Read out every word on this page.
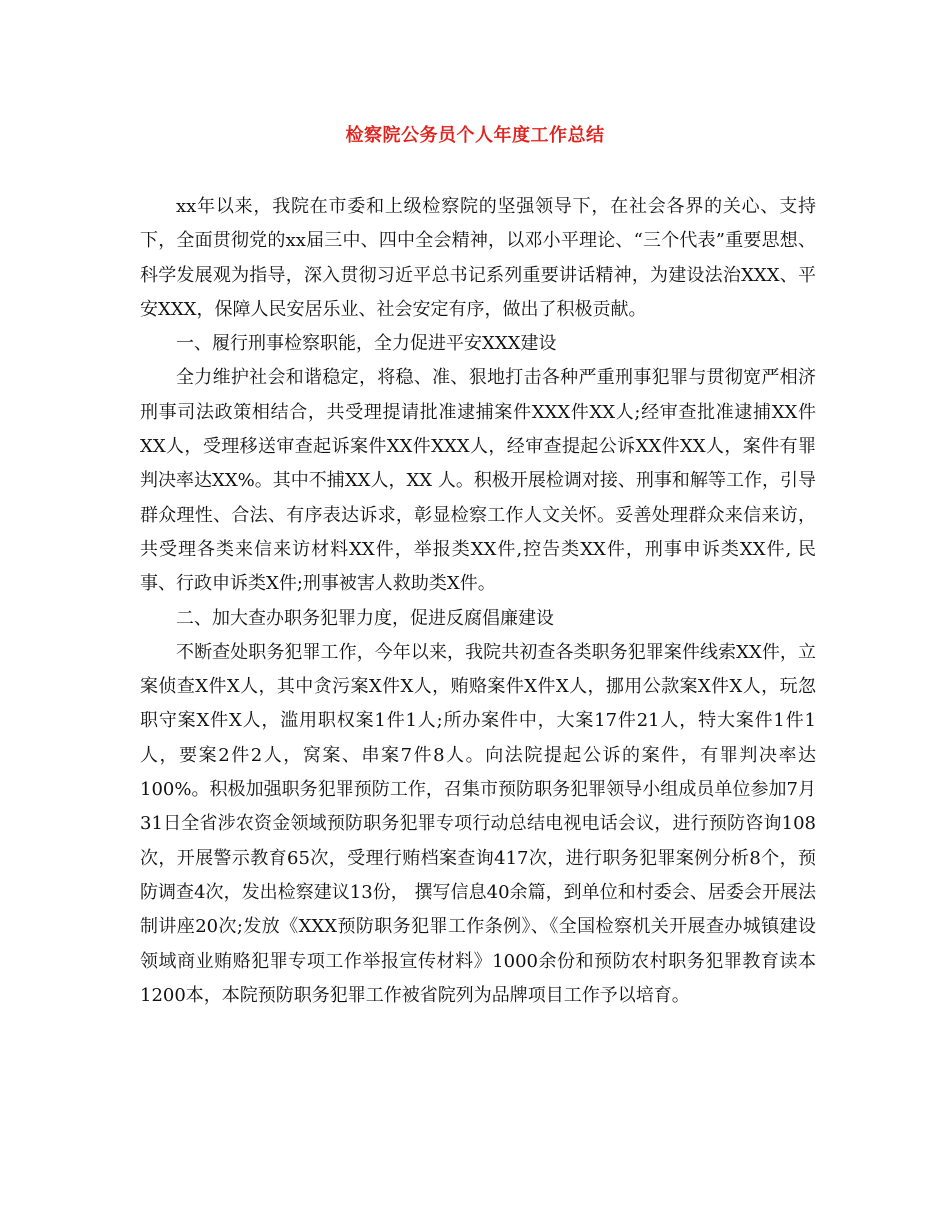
检察院公务员个人年度工作总结

xx年以来，我院在市委和上级检察院的坚强领导下，在社会各界的关心、支持下，全面贯彻党的xx届三中、四中全会精神，以邓小平理论、“三个代表”重要思想、科学发展观为指导，深入贯彻习近平总书记系列重要讲话精神，为建设法治XXX、平安XXX，保障人民安居乐业、社会安定有序，做出了积极贡献。

一、履行刑事检察职能，全力促进平安XXX建设

全力维护社会和谐稳定，将稳、准、狠地打击各种严重刑事犯罪与贯彻宽严相济刑事司法政策相结合，共受理提请批准逮捕案件XXX件XX人;经审查批准逮捕XX件XX人，受理移送审查起诉案件XX件XXX人，经审查提起公诉XX件XX人，案件有罪判决率达XX%。其中不捕XX人，XX 人。积极开展检调对接、刑事和解等工作，引导群众理性、合法、有序表达诉求，彰显检察工作人文关怀。妥善处理群众来信来访，共受理各类来信来访材料XX件，举报类XX件,控告类XX件，刑事申诉类XX件, 民事、行政申诉类X件;刑事被害人救助类X件。

二、加大查办职务犯罪力度，促进反腐倡廉建设

不断查处职务犯罪工作，今年以来，我院共初查各类职务犯罪案件线索XX件，立案侦查X件X人，其中贪污案X件X人，贿赂案件X件X人，挪用公款案X件X人，玩忽职守案X件X人，滥用职权案1件1人;所办案件中，大案17件21人，特大案件1件1人，要案2件2人，窝案、串案7件8人。向法院提起公诉的案件，有罪判决率达100%。积极加强职务犯罪预防工作，召集市预防职务犯罪领导小组成员单位参加7月31日全省涉农资金领域预防职务犯罪专项行动总结电视电话会议，进行预防咨询108次，开展警示教育65次，受理行贿档案查询417次，进行职务犯罪案例分析8个，预防调查4次，发出检察建议13份， 撰写信息40余篇，到单位和村委会、居委会开展法制讲座20次;发放《XXX预防职务犯罪工作条例》、《全国检察机关开展查办城镇建设领域商业贿赂犯罪专项工作举报宣传材料》1000余份和预防农村职务犯罪教育读本1200本，本院预防职务犯罪工作被省院列为品牌项目工作予以培育。
